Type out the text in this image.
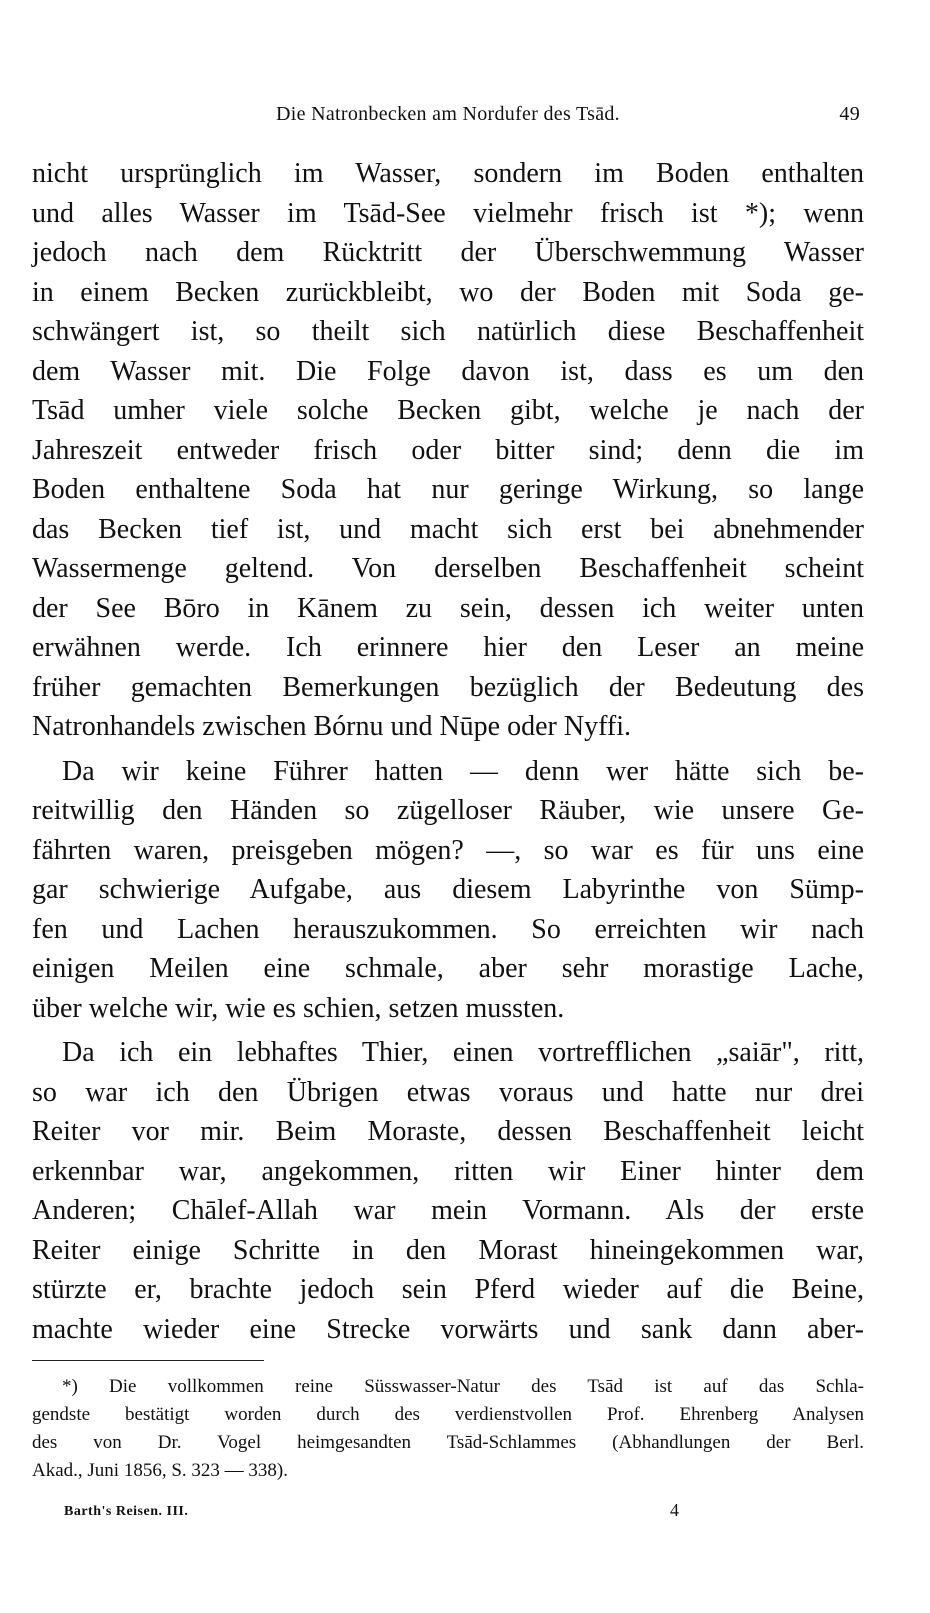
Die Natronbecken am Nordufer des Tsād.	49
nicht ursprünglich im Wasser, sondern im Boden enthalten
und alles Wasser im Tsād-See vielmehr frisch ist *); wenn
jedoch nach dem Rücktritt der Überschwemmung Wasser
in einem Becken zurückbleibt, wo der Boden mit Soda ge-
schwängert ist, so theilt sich natürlich diese Beschaffenheit
dem Wasser mit. Die Folge davon ist, dass es um den
Tsād umher viele solche Becken gibt, welche je nach der
Jahreszeit entweder frisch oder bitter sind; denn die im
Boden enthaltene Soda hat nur geringe Wirkung, so lange
das Becken tief ist, und macht sich erst bei abnehmender
Wassermenge geltend. Von derselben Beschaffenheit scheint
der See Bōro in Kānem zu sein, dessen ich weiter unten
erwähnen werde. Ich erinnere hier den Leser an meine
früher gemachten Bemerkungen bezüglich der Bedeutung des
Natronhandels zwischen Bórnu und Nūpe oder Nyffi.
Da wir keine Führer hatten — denn wer hätte sich be-
reitwillig den Händen so zügelloser Räuber, wie unsere Ge-
fährten waren, preisgeben mögen? —, so war es für uns eine
gar schwierige Aufgabe, aus diesem Labyrinthe von Sümp-
fen und Lachen herauszukommen. So erreichten wir nach
einigen Meilen eine schmale, aber sehr morastige Lache,
über welche wir, wie es schien, setzen mussten.
Da ich ein lebhaftes Thier, einen vortrefflichen „saiār", ritt,
so war ich den Übrigen etwas voraus und hatte nur drei
Reiter vor mir. Beim Moraste, dessen Beschaffenheit leicht
erkennbar war, angekommen, ritten wir Einer hinter dem
Anderen; Chālef-Allah war mein Vormann. Als der erste
Reiter einige Schritte in den Morast hineingekommen war,
stürzte er, brachte jedoch sein Pferd wieder auf die Beine,
machte wieder eine Strecke vorwärts und sank dann aber-
*) Die vollkommen reine Süsswasser-Natur des Tsād ist auf das Schla-
gendste bestätigt worden durch des verdienstvollen Prof. Ehrenberg Analysen
des von Dr. Vogel heimgesandten Tsād-Schlammes (Abhandlungen der Berl.
Akad., Juni 1856, S. 323 — 338).
Barth's Reisen. III.	4
